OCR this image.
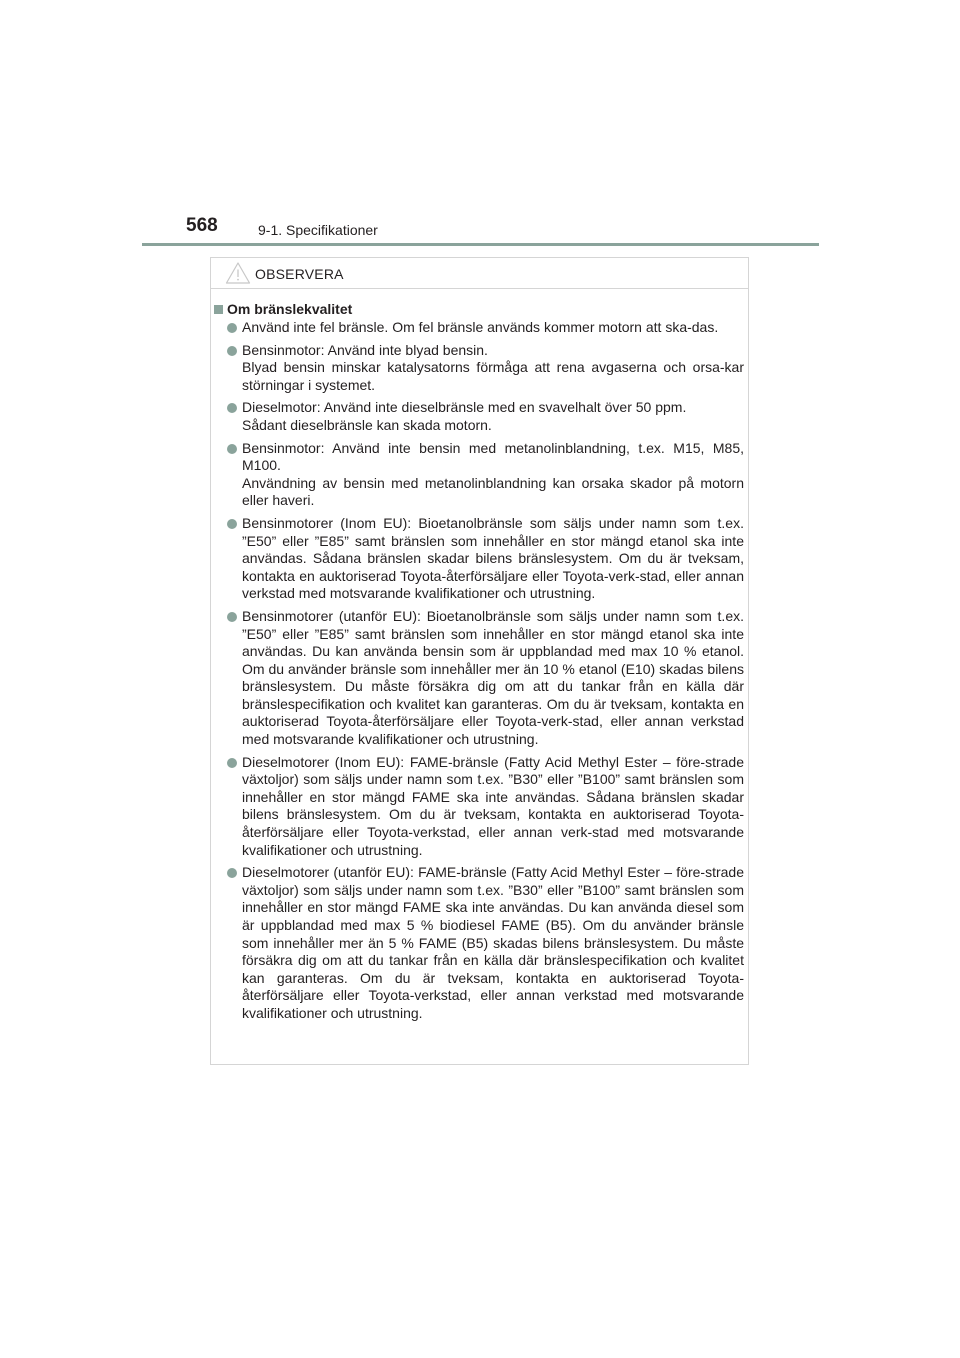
568	9-1. Specifikationer
OBSERVERA
Om bränslekvalitet
Använd inte fel bränsle. Om fel bränsle används kommer motorn att ska-das.
Bensinmotor: Använd inte blyad bensin.
Blyad bensin minskar katalysatorns förmåga att rena avgaserna och orsa-kar störningar i systemet.
Dieselmotor: Använd inte dieselbränsle med en svavelhalt över 50 ppm.
Sådant dieselbränsle kan skada motorn.
Bensinmotor: Använd inte bensin med metanolinblandning, t.ex. M15, M85, M100.
Användning av bensin med metanolinblandning kan orsaka skador på motorn eller haveri.
Bensinmotorer (Inom EU): Bioetanolbränsle som säljs under namn som t.ex. ”E50” eller ”E85” samt bränslen som innehåller en stor mängd etanol ska inte användas. Sådana bränslen skadar bilens bränslesystem. Om du är tveksam, kontakta en auktoriserad Toyota-återförsäljare eller Toyota-verk-stad, eller annan verkstad med motsvarande kvalifikationer och utrustning.
Bensinmotorer (utanför EU): Bioetanolbränsle som säljs under namn som t.ex. ”E50” eller ”E85” samt bränslen som innehåller en stor mängd etanol ska inte användas. Du kan använda bensin som är uppblandad med max 10 % etanol. Om du använder bränsle som innehåller mer än 10 % etanol (E10) skadas bilens bränslesystem. Du måste försäkra dig om att du tankar från en källa där bränslespecifikation och kvalitet kan garanteras. Om du är tveksam, kontakta en auktoriserad Toyota-återförsäljare eller Toyota-verk-stad, eller annan verkstad med motsvarande kvalifikationer och utrustning.
Dieselmotorer (Inom EU): FAME-bränsle (Fatty Acid Methyl Ester – före-strade växtoljor) som säljs under namn som t.ex. ”B30” eller ”B100” samt bränslen som innehåller en stor mängd FAME ska inte användas. Sådana bränslen skadar bilens bränslesystem. Om du är tveksam, kontakta en auktoriserad Toyota-återförsäljare eller Toyota-verkstad, eller annan verk-stad med motsvarande kvalifikationer och utrustning.
Dieselmotorer (utanför EU): FAME-bränsle (Fatty Acid Methyl Ester – före-strade växtoljor) som säljs under namn som t.ex. ”B30” eller ”B100” samt bränslen som innehåller en stor mängd FAME ska inte användas. Du kan använda diesel som är uppblandad med max 5 % biodiesel FAME (B5). Om du använder bränsle som innehåller mer än 5 % FAME (B5) skadas bilens bränslesystem. Du måste försäkra dig om att du tankar från en källa där bränslespecifikation och kvalitet kan garanteras. Om du är tveksam, kontakta en auktoriserad Toyota-återförsäljare eller Toyota-verkstad, eller annan verkstad med motsvarande kvalifikationer och utrustning.
